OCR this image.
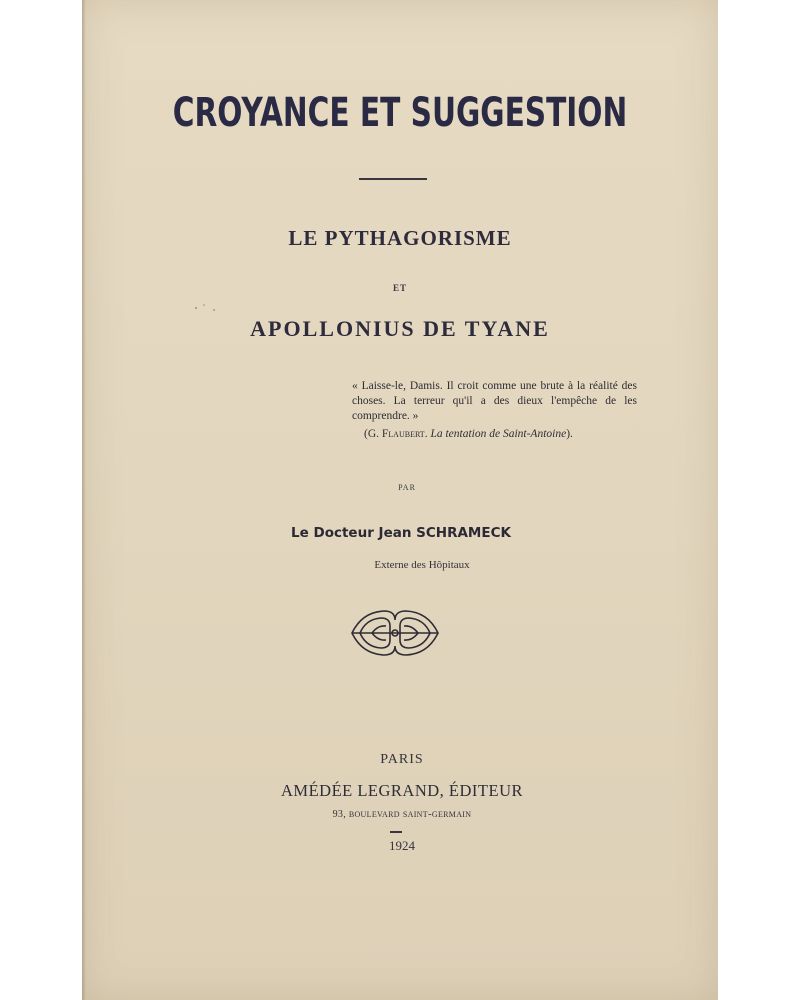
CROYANCE ET SUGGESTION
LE PYTHAGORISME
ET
APOLLONIUS DE TYANE
« Laisse-le, Damis. Il croit comme une brute à la réalité des choses. La terreur qu'il a des dieux l'empêche de les comprendre. »
(G. Flaubert. La tentation de Saint-Antoine).
PAR
Le Docteur Jean SCHRAMECK
Externe des Hôpitaux
PARIS
AMÉDÉE LEGRAND, ÉDITEUR
93, boulevard saint-germain
1924
